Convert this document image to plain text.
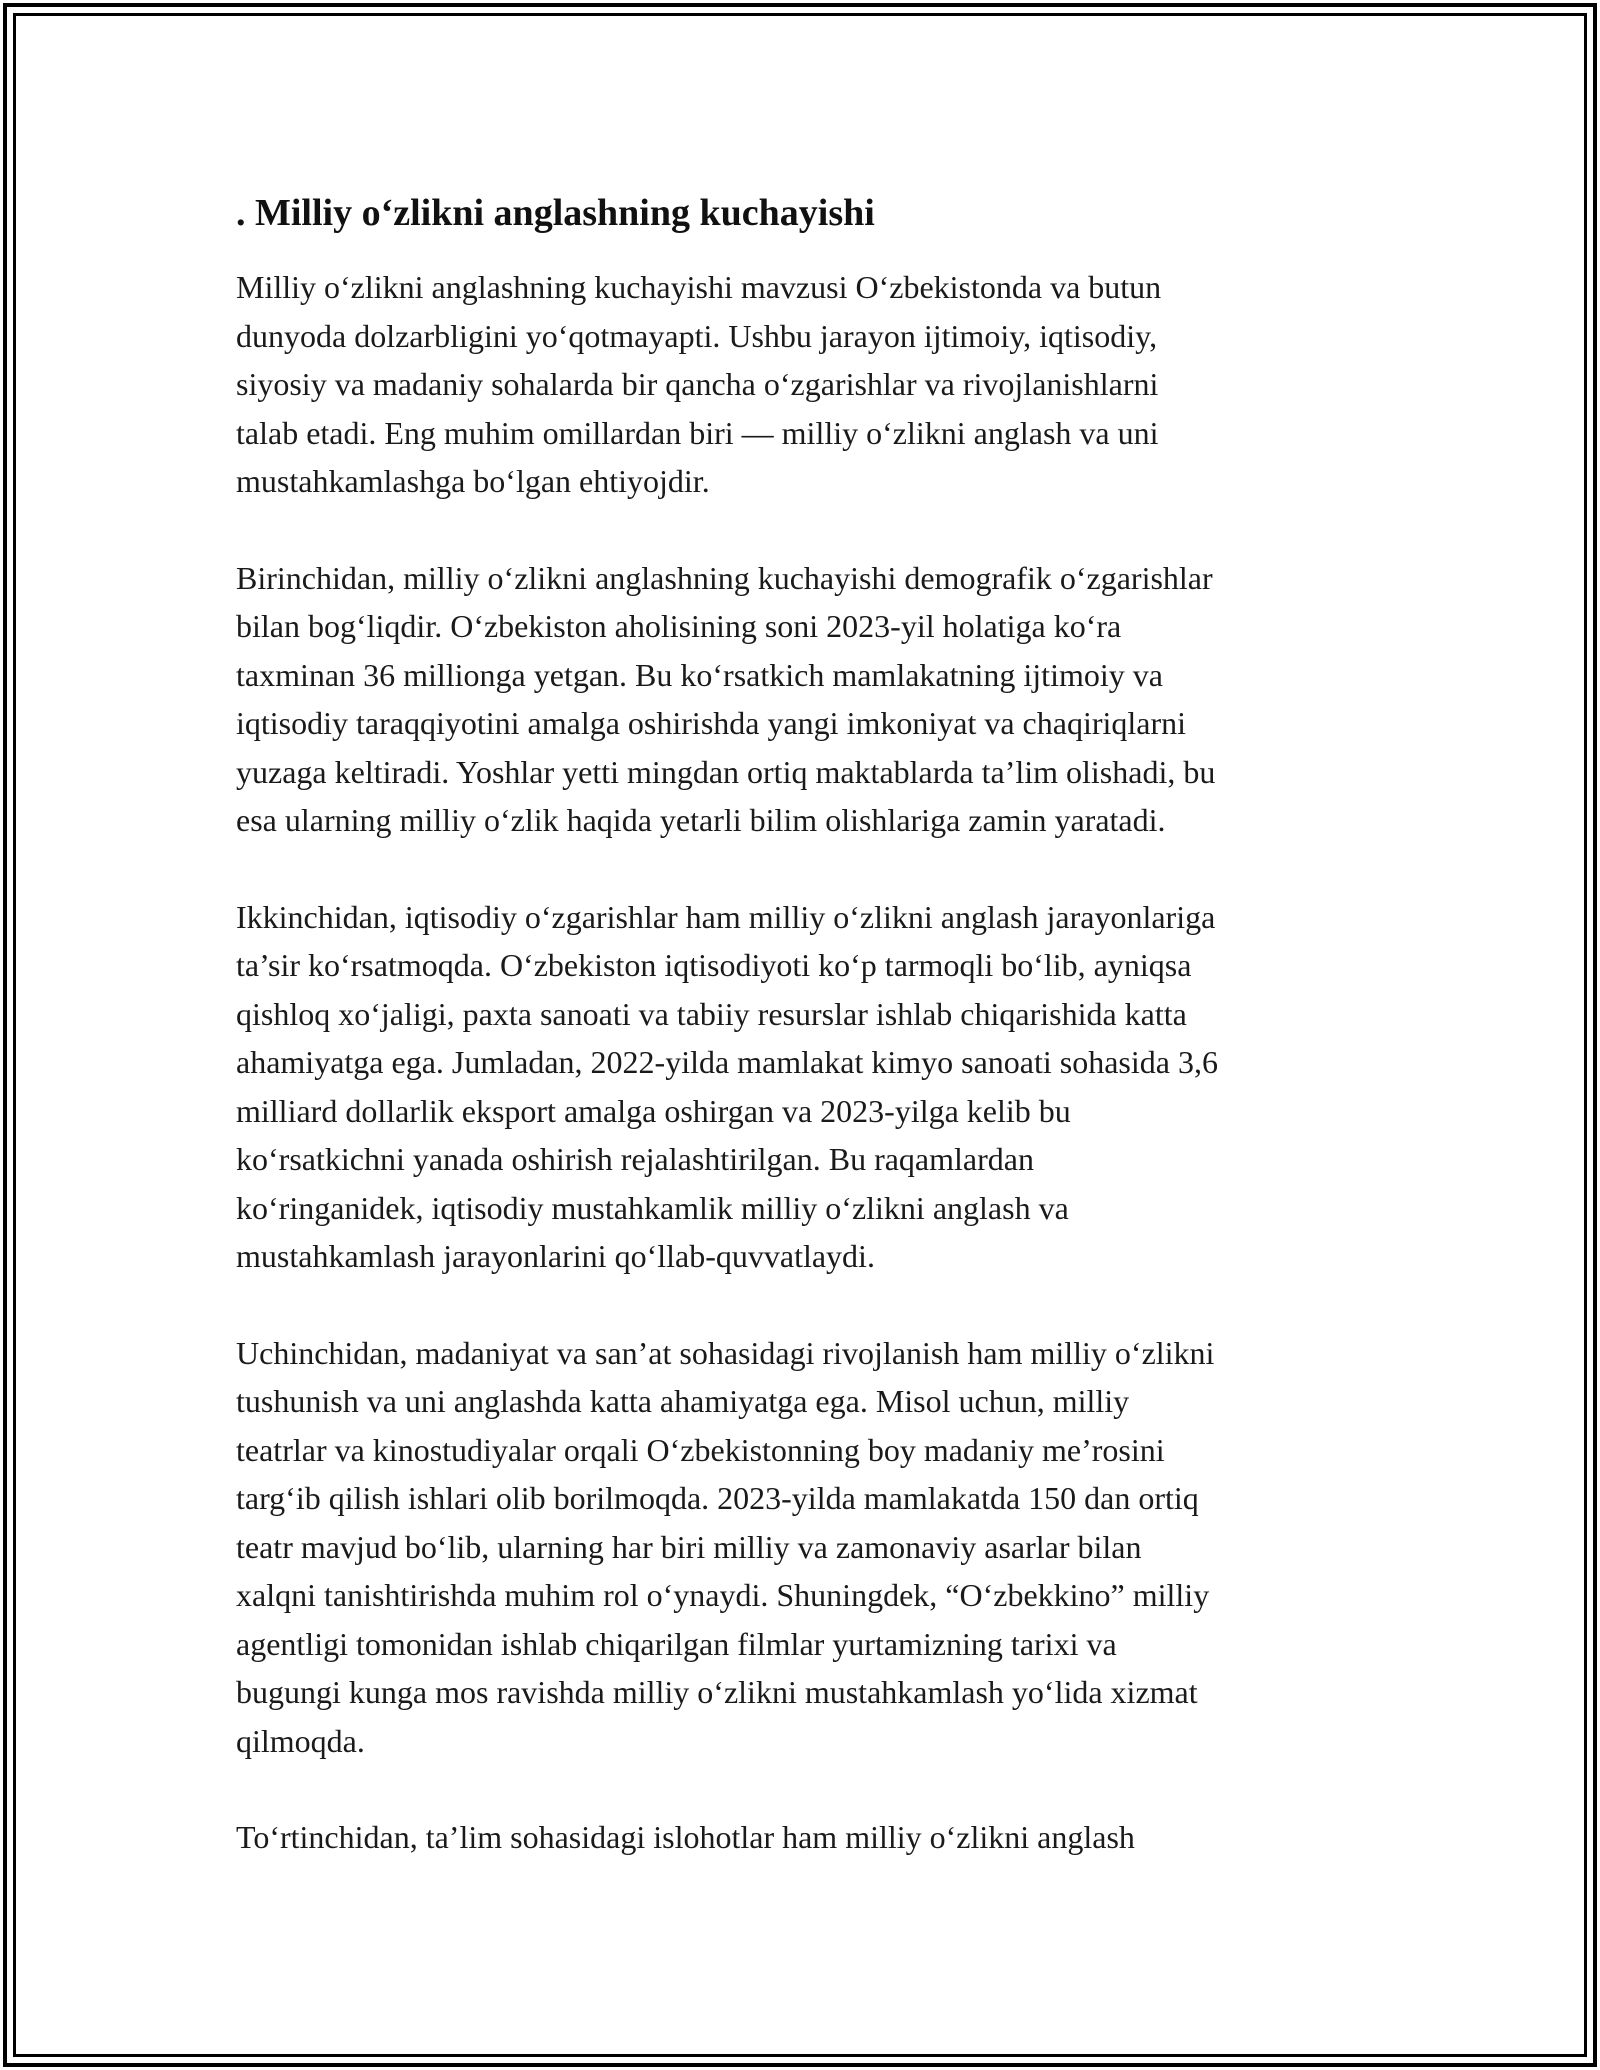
. Milliy o‘zlikni anglashning kuchayishi
Milliy o‘zlikni anglashning kuchayishi mavzusi O‘zbekistonda va butun
dunyoda dolzarbligini yo‘qotmayapti. Ushbu jarayon ijtimoiy, iqtisodiy,
siyosiy va madaniy sohalarda bir qancha o‘zgarishlar va rivojlanishlarni
talab etadi. Eng muhim omillardan biri — milliy o‘zlikni anglash va uni
mustahkamlashga bo‘lgan ehtiyojdir.
Birinchidan, milliy o‘zlikni anglashning kuchayishi demografik o‘zgarishlar
bilan bog‘liqdir. O‘zbekiston aholisining soni 2023-yil holatiga ko‘ra
taxminan 36 millionga yetgan. Bu ko‘rsatkich mamlakatning ijtimoiy va
iqtisodiy taraqqiyotini amalga oshirishda yangi imkoniyat va chaqiriqlarni
yuzaga keltiradi. Yoshlar yetti mingdan ortiq maktablarda ta’lim olishadi, bu
esa ularning milliy o‘zlik haqida yetarli bilim olishlariga zamin yaratadi.
Ikkinchidan, iqtisodiy o‘zgarishlar ham milliy o‘zlikni anglash jarayonlariga
ta’sir ko‘rsatmoqda. O‘zbekiston iqtisodiyoti ko‘p tarmoqli bo‘lib, ayniqsa
qishloq xo‘jaligi, paxta sanoati va tabiiy resurslar ishlab chiqarishida katta
ahamiyatga ega. Jumladan, 2022-yilda mamlakat kimyo sanoati sohasida 3,6
milliard dollarlik eksport amalga oshirgan va 2023-yilga kelib bu
ko‘rsatkichni yanada oshirish rejalashtirilgan. Bu raqamlardan
ko‘ringanidek, iqtisodiy mustahkamlik milliy o‘zlikni anglash va
mustahkamlash jarayonlarini qo‘llab-quvvatlaydi.
Uchinchidan, madaniyat va san’at sohasidagi rivojlanish ham milliy o‘zlikni
tushunish va uni anglashda katta ahamiyatga ega. Misol uchun, milliy
teatrlar va kinostudiyalar orqali O‘zbekistonning boy madaniy me’rosini
targ‘ib qilish ishlari olib borilmoqda. 2023-yilda mamlakatda 150 dan ortiq
teatr mavjud bo‘lib, ularning har biri milliy va zamonaviy asarlar bilan
xalqni tanishtirishda muhim rol o‘ynaydi. Shuningdek, “O‘zbekkino” milliy
agentligi tomonidan ishlab chiqarilgan filmlar yurtamizning tarixi va
bugungi kunga mos ravishda milliy o‘zlikni mustahkamlash yo‘lida xizmat
qilmoqda.
To‘rtinchidan, ta’lim sohasidagi islohotlar ham milliy o‘zlikni anglash
